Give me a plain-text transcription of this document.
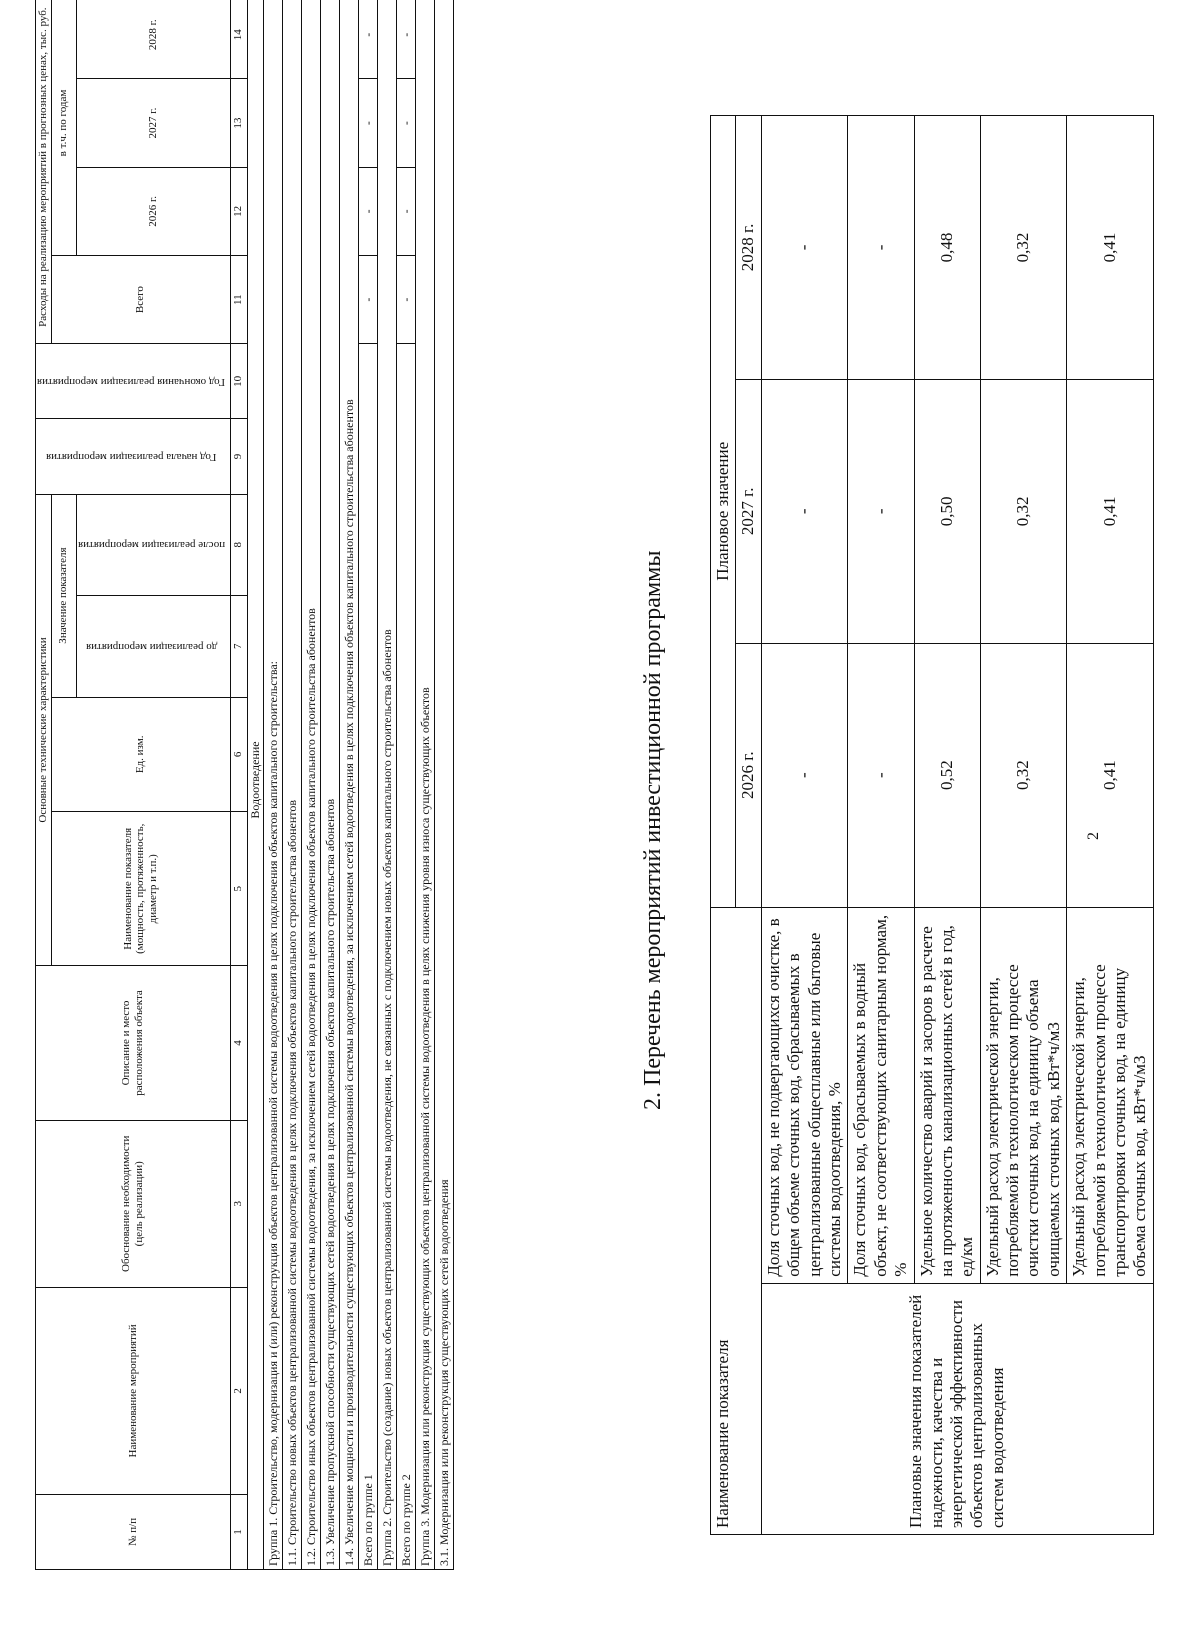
2
Наименование показателя		Плановое значение		
		2026 г.	2027 г.	2028 г.
Плановые значения показателей надежности, качества и энергетической эффективности объектов централизованных систем водоотведения	Доля сточных вод, не подвергающихся очистке, в общем объеме сточных вод, сбрасываемых в централизованные общесплавные или бытовые системы водоотведения, %	-	-	-
	Доля сточных вод, сбрасываемых в водный объект, не соответствующих санитарным нормам, %	-	-	-
	Удельное количество аварий и засоров в расчете на протяженность канализационных сетей в год, ед/км	0,52	0,50	0,48
	Удельный расход электрической энергии, потребляемой в технологическом процессе очистки сточных вод, на единицу объема очищаемых сточных вод, кВт*ч/м3	0,32	0,32	0,32
	Удельный расход электрической энергии, потребляемой в технологическом процессе транспортировки сточных вод, на единицу объема сточных вод, кВт*ч/м3	0,41	0,41	0,41
2. Перечень мероприятий инвестиционной программы
№ п/п	Наименование мероприятий	Обоснование необходимости (цель реализации)	Описание и место расположения объекта	Основные технические характеристики				Год начала реализации мероприятия	Год окончания реализации мероприятия	Расходы на реализацию мероприятий в прогнозных ценах, тыс. руб.			
				Наименование показателя (мощность, протяженность, диаметр и т.п.)	Ед. изм.	Значение показателя				Всего	в т.ч. по годам		
						до реализации мероприятия	после реализации мероприятия				2026 г.	2027 г.	2028 г.
1	2	3	4	5	6	7	8	9	10	11	12	13	14
Водоотведение													
Группа 1. Строительство, модернизация и (или) реконструкция объектов централизованной системы водоотведения в целях подключения объектов капитального строительства:													
1.1. Строительство новых объектов централизованной системы водоотведения в целях подключения объектов капитального строительства абонентов													
1.2. Строительство иных объектов централизованной системы водоотведения, за исключением сетей водоотведения в целях подключения объектов капитального строительства абонентов													
1.3. Увеличение пропускной способности существующих сетей водоотведения в целях подключения объектов капитального строительства абонентов													
1.4. Увеличение мощности и производительности существующих объектов централизованной системы водоотведения, за исключением сетей водоотведения в целях подключения объектов капитального строительства абонентов													
Всего по группе 1										-	-	-	-
Группа 2. Строительство (создание) новых объектов централизованной системы водоотведения, не связанных с подключением новых объектов капитального строительства абонентов													
Всего по группе 2										-	-	-	-
Группа 3. Модернизация или реконструкция существующих объектов централизованной системы водоотведения в целях снижения уровня износа существующих объектов													
3.1. Модернизация или реконструкция существующих сетей водоотведения													
